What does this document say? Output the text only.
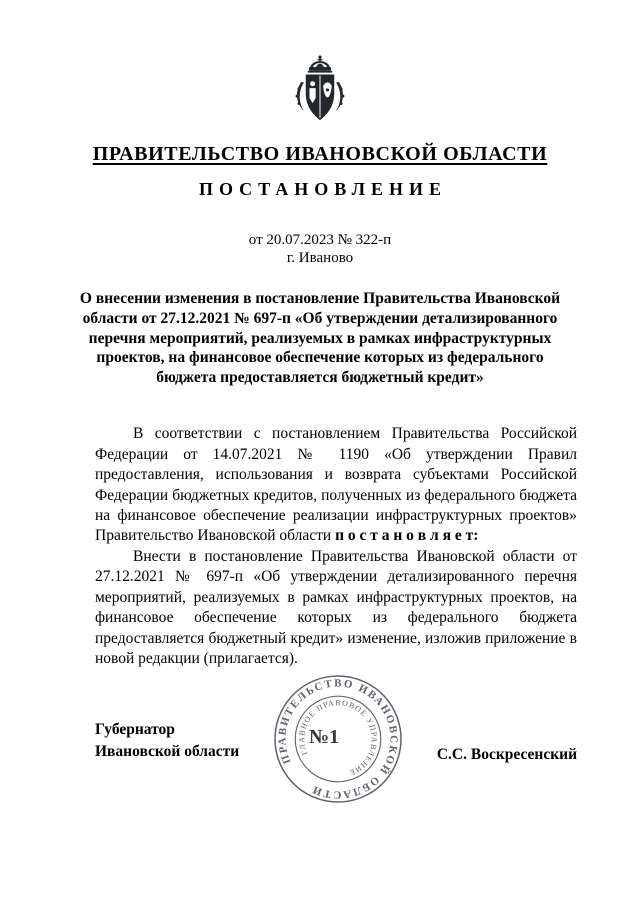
ПРАВИТЕЛЬСТВО ИВАНОВСКОЙ ОБЛАСТИ
ПОСТАНОВЛЕНИЕ
от 20.07.2023 № 322-п
г. Иваново
О внесении изменения в постановление Правительства Ивановской области от 27.12.2021 № 697-п «Об утверждении детализированного перечня мероприятий, реализуемых в рамках инфраструктурных проектов, на финансовое обеспечение которых из федерального бюджета предоставляется бюджетный кредит»

В соответствии с постановлением Правительства Российской Федерации от 14.07.2021 № 1190 «Об утверждении Правил предоставления, использования и возврата субъектами Российской Федерации бюджетных кредитов, полученных из федерального бюджета на финансовое обеспечение реализации инфраструктурных проектов» Правительство Ивановской области п о с т а н о в л я е т:

Внести в постановление Правительства Ивановской области от 27.12.2021 № 697-п «Об утверждении детализированного перечня мероприятий, реализуемых в рамках инфраструктурных проектов, на финансовое обеспечение которых из федерального бюджета предоставляется бюджетный кредит» изменение, изложив приложение в новой редакции (прилагается).

Губернатор
Ивановской области	ПРАВИТЕЛЬСТВО ИВАНОВСКОЙ ОБЛАСТИ
ГЛАВНОЕ ПРАВОВОЕ УПРАВЛЕНИЕ
№1
С.С. Воскресенский
